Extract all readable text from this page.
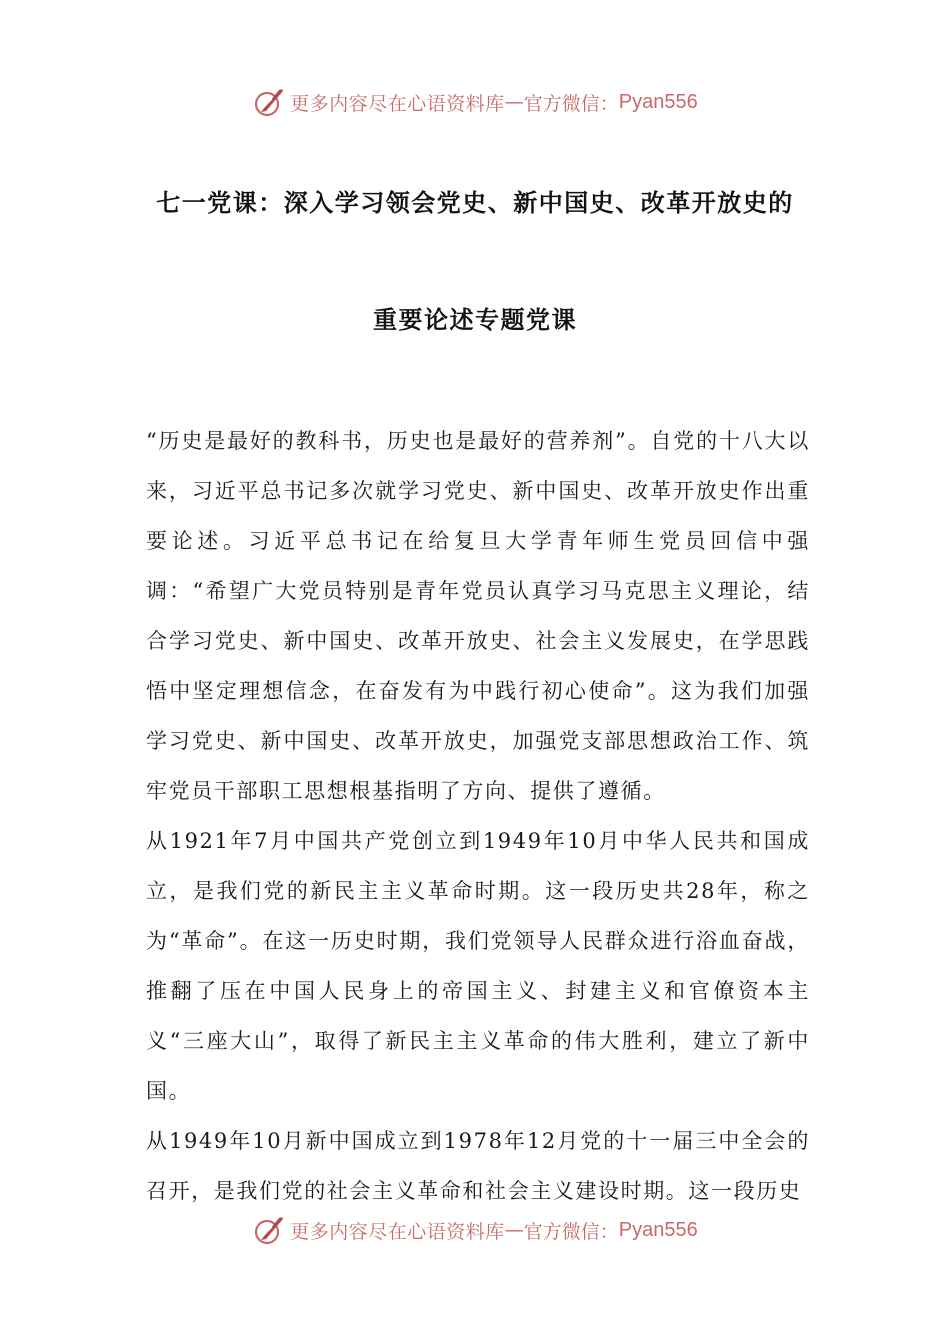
更多内容尽在心语资料库 — 官方微信： Pyan556
七一党课：深入学习领会党史、新中国史、改革开放史的
重要论述专题党课

“历史是最好的教科书，历史也是最好的营养剂”。自党的十八大以来，习近平总书记多次就学习党史、新中国史、改革开放史作出重要论述。习近平总书记在给复旦大学青年师生党员回信中强调：“希望广大党员特别是青年党员认真学习马克思主义理论，结合学习党史、新中国史、改革开放史、社会主义发展史，在学思践悟中坚定理想信念，在奋发有为中践行初心使命”。这为我们加强学习党史、新中国史、改革开放史，加强党支部思想政治工作、筑牢党员干部职工思想根基指明了方向、提供了遵循。

从1921年7月中国共产党创立到1949年10月中华人民共和国成立，是我们党的新民主主义革命时期。这一段历史共28年，称之为“革命”。在这一历史时期，我们党领导人民群众进行浴血奋战，推翻了压在中国人民身上的帝国主义、封建主义和官僚资本主义“三座大山”，取得了新民主主义革命的伟大胜利，建立了新中国。

从1949年10月新中国成立到1978年12月党的十一届三中全会的召开，是我们党的社会主义革命和社会主义建设时期。这一段历史

更多内容尽在心语资料库 — 官方微信： Pyan556
